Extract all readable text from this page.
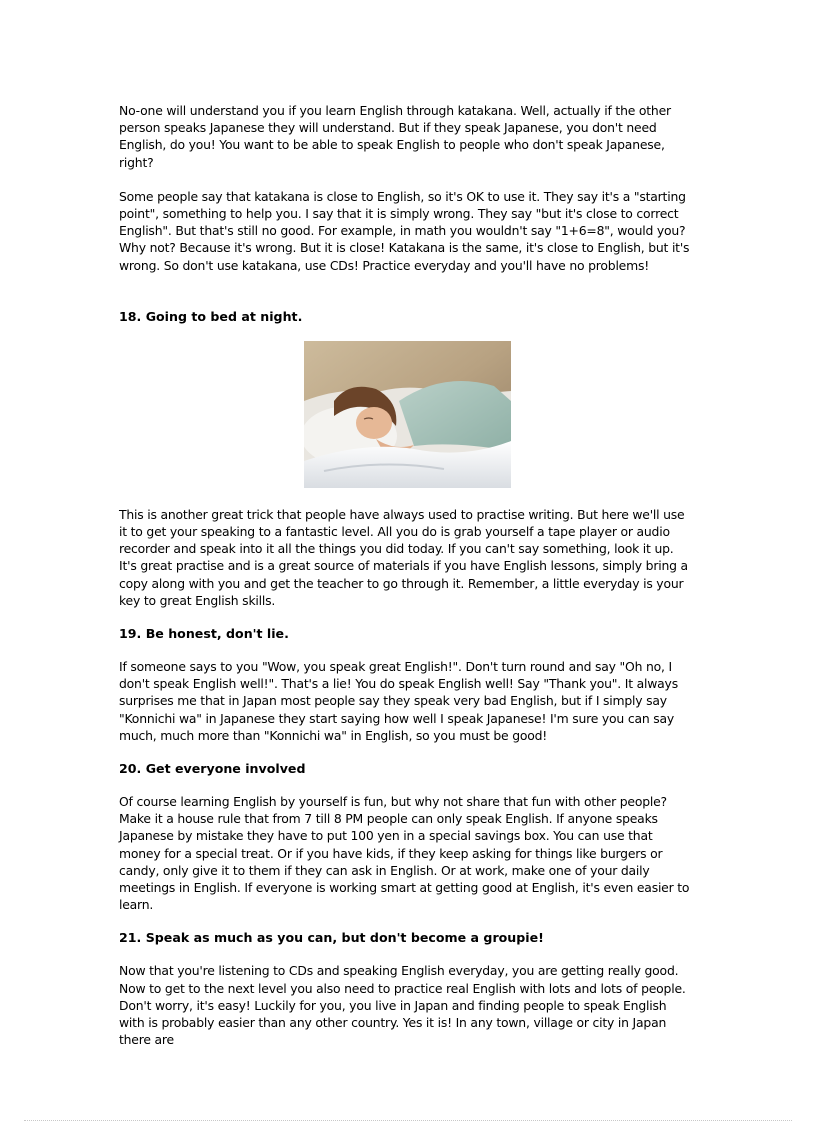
No-one will understand you if you learn English through katakana. Well, actually if the other person speaks Japanese they will understand. But if they speak Japanese, you don't need English, do you! You want to be able to speak English to people who don't speak Japanese, right?

Some people say that katakana is close to English, so it's OK to use it. They say it's a "starting point", something to help you. I say that it is simply wrong. They say "but it's close to correct English". But that's still no good. For example, in math you wouldn't say "1+6=8", would you? Why not? Because it's wrong. But it is close! Katakana is the same, it's close to English, but it's wrong. So don't use katakana, use CDs! Practice everyday and you'll have no problems!

18. Going to bed at night.

This is another great trick that people have always used to practise writing. But here we'll use it to get your speaking to a fantastic level. All you do is grab yourself a tape player or audio recorder and speak into it all the things you did today. If you can't say something, look it up. It's great practise and is a great source of materials if you have English lessons, simply bring a copy along with you and get the teacher to go through it. Remember, a little everyday is your key to great English skills.

19. Be honest, don't lie.

If someone says to you "Wow, you speak great English!". Don't turn round and say "Oh no, I don't speak English well!". That's a lie! You do speak English well! Say "Thank you". It always surprises me that in Japan most people say they speak very bad English, but if I simply say "Konnichi wa" in Japanese they start saying how well I speak Japanese! I'm sure you can say much, much more than "Konnichi wa" in English, so you must be good!

20. Get everyone involved

Of course learning English by yourself is fun, but why not share that fun with other people? Make it a house rule that from 7 till 8 PM people can only speak English. If anyone speaks Japanese by mistake they have to put 100 yen in a special savings box. You can use that money for a special treat. Or if you have kids, if they keep asking for things like burgers or candy, only give it to them if they can ask in English. Or at work, make one of your daily meetings in English. If everyone is working smart at getting good at English, it's even easier to learn.

21. Speak as much as you can, but don't become a groupie!

Now that you're listening to CDs and speaking English everyday, you are getting really good. Now to get to the next level you also need to practice real English with lots and lots of people. Don't worry, it's easy! Luckily for you, you live in Japan and finding people to speak English with is probably easier than any other country. Yes it is! In any town, village or city in Japan there are
